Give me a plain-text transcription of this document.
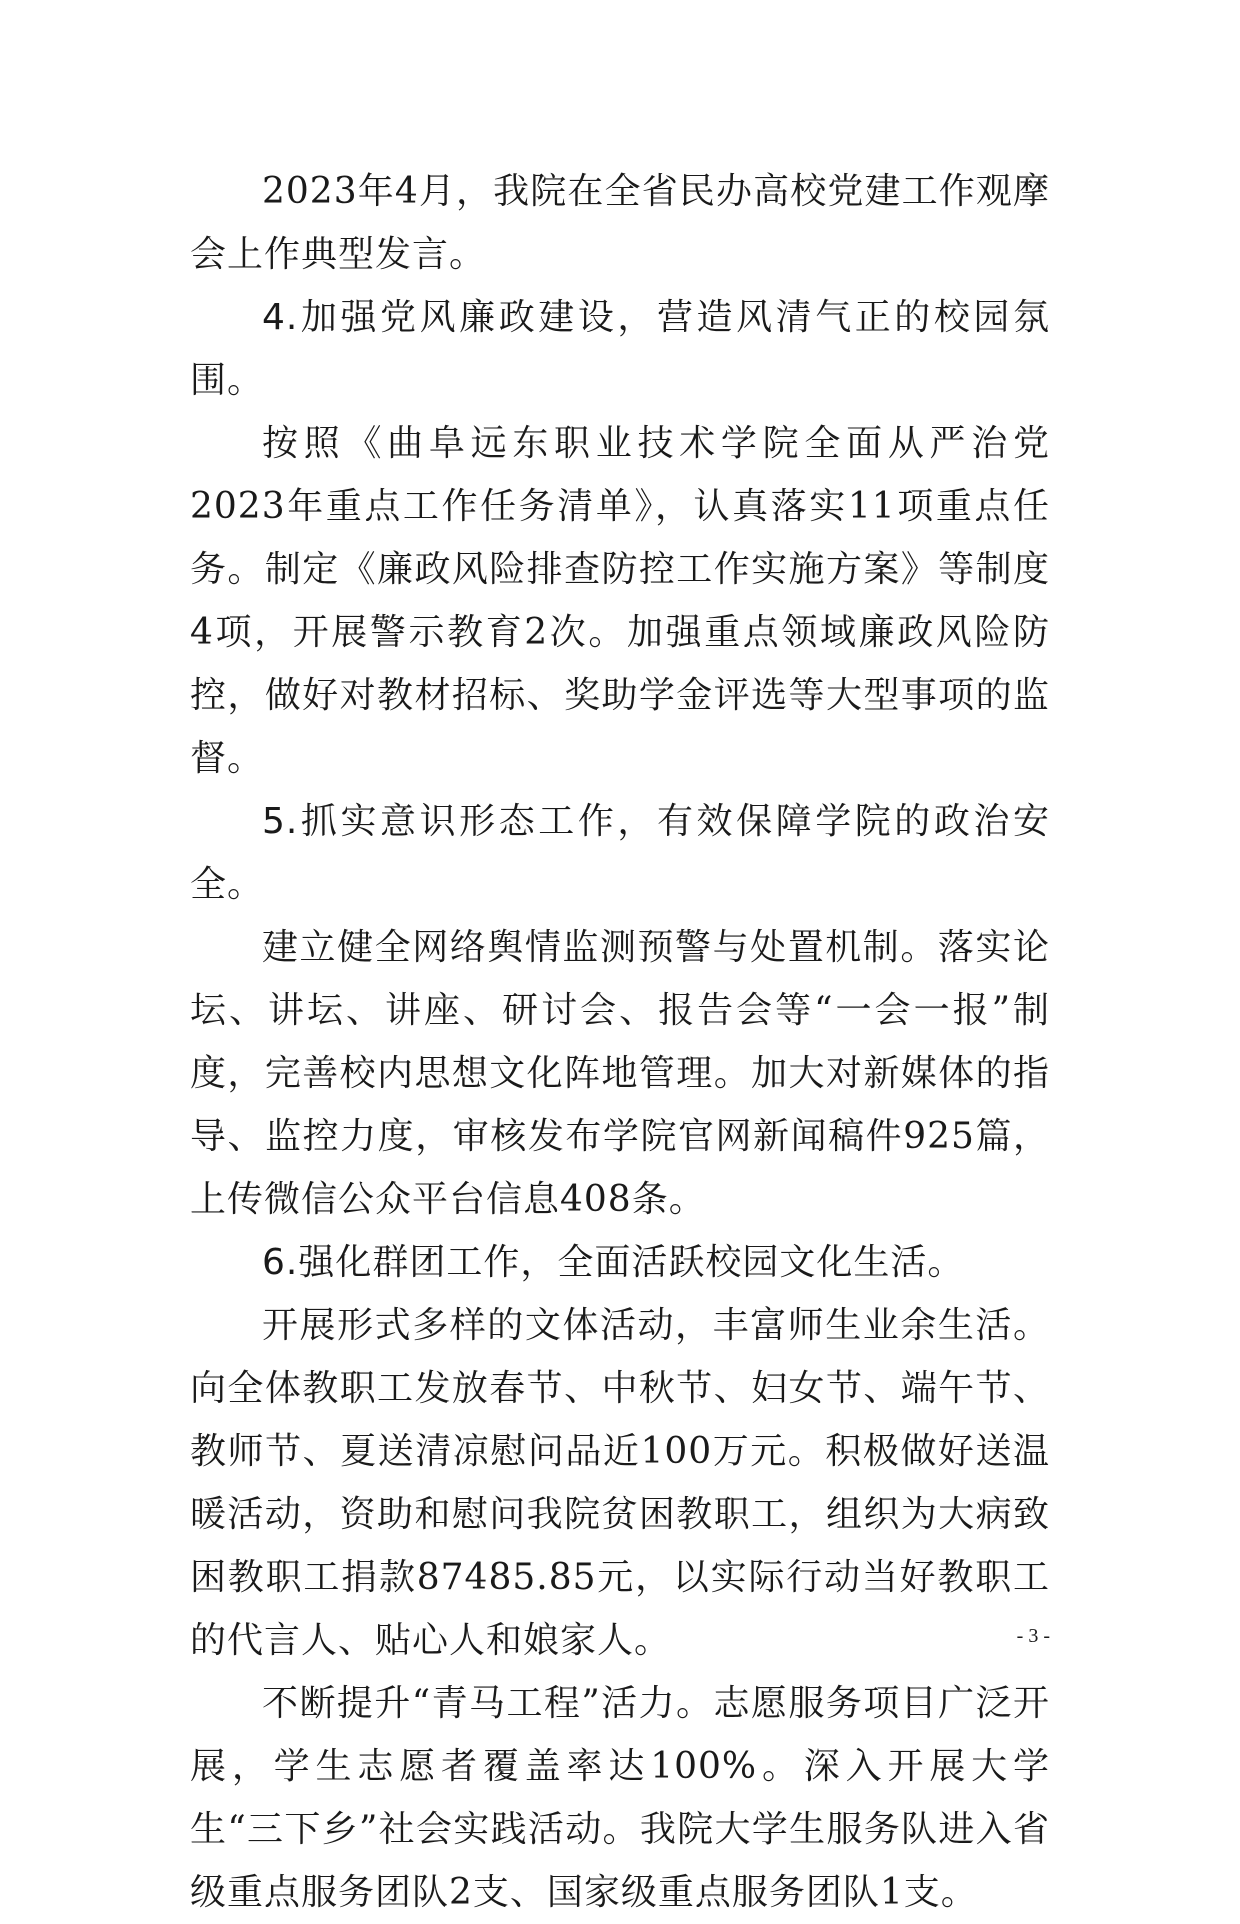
2023年4月，我院在全省民办高校党建工作观摩会上作典型发言。

4.加强党风廉政建设，营造风清气正的校园氛围。

按照《曲阜远东职业技术学院全面从严治党2023年重点工作任务清单》，认真落实11项重点任务。制定《廉政风险排查防控工作实施方案》等制度4项，开展警示教育2次。加强重点领域廉政风险防控，做好对教材招标、奖助学金评选等大型事项的监督。

5.抓实意识形态工作，有效保障学院的政治安全。

建立健全网络舆情监测预警与处置机制。落实论坛、讲坛、讲座、研讨会、报告会等“一会一报”制度，完善校内思想文化阵地管理。加大对新媒体的指导、监控力度，审核发布学院官网新闻稿件925篇，上传微信公众平台信息408条。

6.强化群团工作，全面活跃校园文化生活。

开展形式多样的文体活动，丰富师生业余生活。向全体教职工发放春节、中秋节、妇女节、端午节、教师节、夏送清凉慰问品近100万元。积极做好送温暖活动，资助和慰问我院贫困教职工，组织为大病致困教职工捐款87485.85元，以实际行动当好教职工的代言人、贴心人和娘家人。

不断提升“青马工程”活力。志愿服务项目广泛开展，学生志愿者覆盖率达100%。深入开展大学生“三下乡”社会实践活动。我院大学生服务队进入省级重点服务团队2支、国家级重点服务团队1支。

- 3 -
